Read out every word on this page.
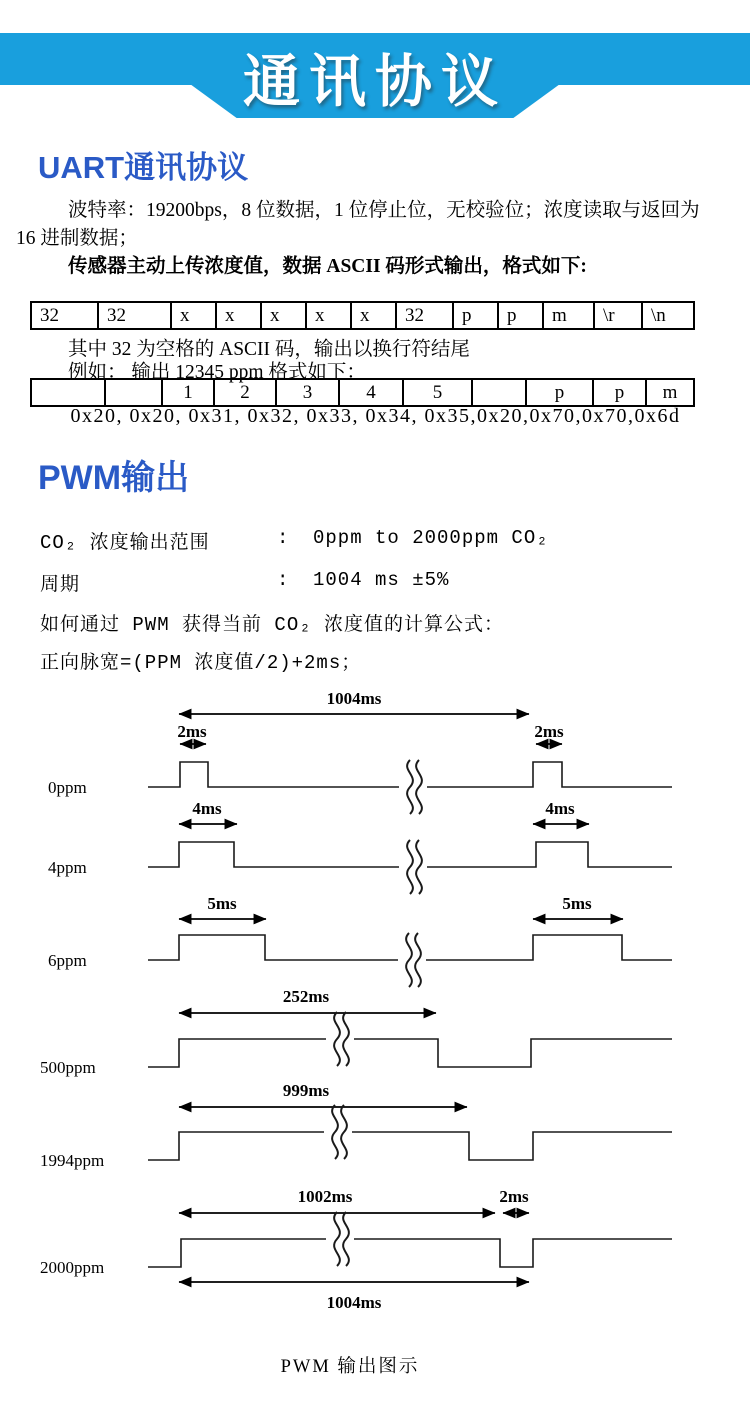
通讯协议
UART通讯协议
波特率：19200bps，8 位数据，1 位停止位，无校验位；浓度读取与返回为
16 进制数据；
传感器主动上传浓度值，数据 ASCII 码形式输出，格式如下:
32	32	x	x	x	x	x	32	p	p	m	\r	\n
其中 32 为空格的 ASCII 码，输出以换行符结尾
例如： 输出 12345 ppm 格式如下：
		1	2	3	4	5		p	p	m
0x20, 0x20, 0x31, 0x32, 0x33, 0x34, 0x35,0x20,0x70,0x70,0x6d
PWM输出
CO₂ 浓度输出范围	: 0ppm to 2000ppm CO₂
周期	: 1004 ms ±5%
如何通过 PWM 获得当前 CO₂ 浓度值的计算公式：
正向脉宽=(PPM 浓度值/2)+2ms；
1004ms
2ms	2ms
0ppm
4ms	4ms
4ppm
5ms	5ms
6ppm
252ms
500ppm
999ms
1994ppm
1002ms	2ms
2000ppm
1004ms
PWM 输出图示
